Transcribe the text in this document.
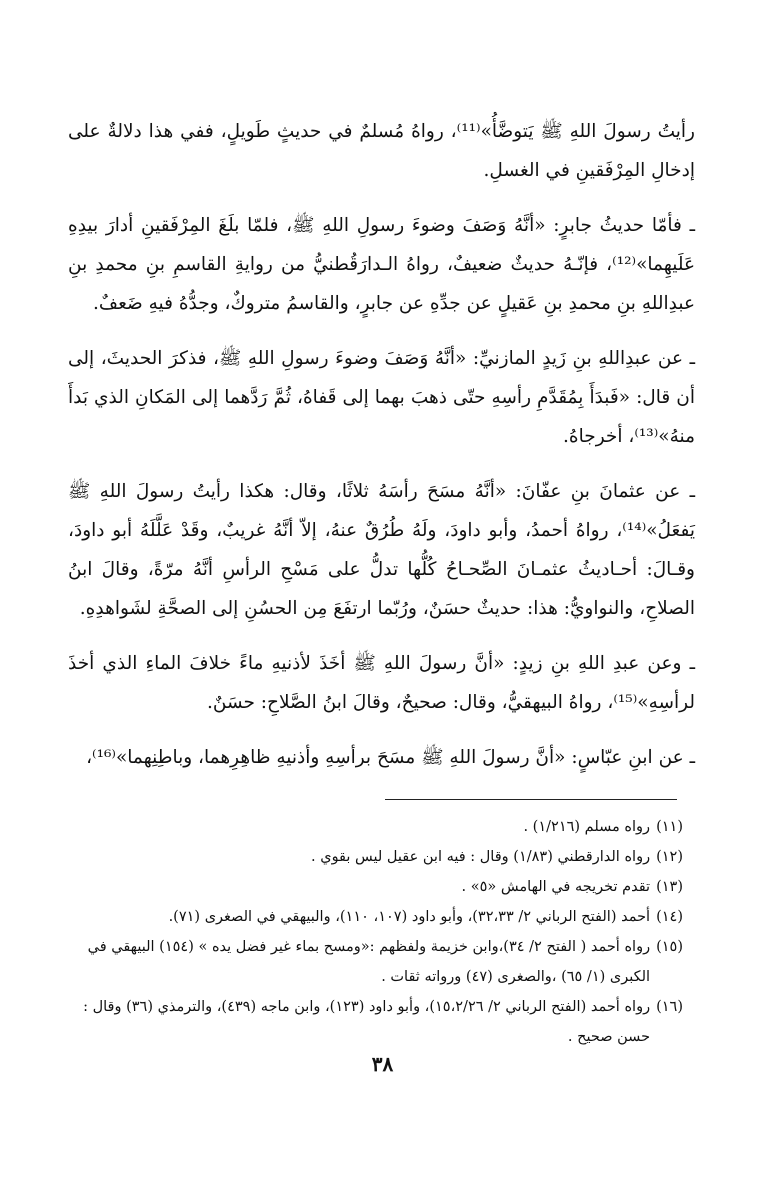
رأيتُ رسولَ اللهِ ﷺ يَتوضَّأُ»⁽¹¹⁾، رواهُ مُسلمٌ في حديثٍ طَويلٍ، ففي هذا دلالةٌ على إدخالِ المِرْفَقينِ في الغسلِ.

ـ فأمّا حديثُ جابرٍ: «أنَّهُ وَصَفَ وضوءَ رسولِ اللهِ ﷺ، فلمّا بلَغَ المِرْفَقينِ أدارَ بيدِهِ عَلَيهِما»⁽¹²⁾، فإنّـهُ حديثٌ ضعيفٌ، رواهُ الـدارَقُطنيُّ من روايةِ القاسمِ بنِ محمدِ بنِ عبدِاللهِ بنِ محمدِ بنِ عَقيلٍ عن جدِّهِ عن جابرٍ، والقاسمُ متروكٌ، وجدُّهُ فيهِ ضَعفٌ.

ـ عن عبدِاللهِ بنِ زَيدٍ المازنيِّ: «أنَّهُ وَصَفَ وضوءَ رسولِ اللهِ ﷺ، فذكرَ الحديثَ، إلى أن قال: «فَبدَأَ بِمُقَدَّمِ رأسِهِ حتّى ذهبَ بهما إلى قَفاهُ، ثُمَّ رَدَّهما إلى المَكانِ الذي بَدأَ منهُ»⁽¹³⁾، أخرجاهُ.

ـ عن عثمانَ بنِ عفّانَ: «أنَّهُ مسَحَ رأسَهُ ثلاثًا، وقال: هكذا رأيتُ رسولَ اللهِ ﷺ يَفعَلُ»⁽¹⁴⁾، رواهُ أحمدُ، وأبو داودَ، ولَهُ طُرُقٌ عنهُ، إلاّ أنَّهُ غريبٌ، وقَدْ عَلَّلَهُ أبو داودَ، وقـالَ: أحـاديثُ عثمـانَ الصِّحـاحُ كُلُّها تدلُّ على مَسْحِ الرأسِ أنَّهُ مرّةً، وقالَ ابنُ الصلاحِ، والنواويُّ: هذا: حديثٌ حسَنٌ، ورُبّما ارتفَعَ مِن الحسُنِ إلى الصحَّةِ لشَواهدِهِ.

ـ وعن عبدِ اللهِ بنِ زيدٍ: «أنَّ رسولَ اللهِ ﷺ أخَذَ لأذنيهِ ماءً خلافَ الماءِ الذي أخذَ لرأسِهِ»⁽¹⁵⁾، رواهُ البيهقيُّ، وقال: صحيحٌ، وقالَ ابنُ الصَّلاحِ: حسَنٌ.

ـ عن ابنِ عبّاسٍ: «أنَّ رسولَ اللهِ ﷺ مسَحَ برأسِهِ وأذنيهِ ظاهِرِهما، وباطِنِهما»⁽¹⁶⁾،

(١١)
رواه مسلم (١/٢١٦) .

(١٢)
رواه الدارقطني (١/٨٣) وقال : فيه ابن عقيل ليس بقوي .

(١٣)
تقدم تخريجه في الهامش «٥» .

(١٤)
أحمد (الفتح الرباني ٢/ ٣٢،٣٣)، وأبو داود (١٠٧، ١١٠)، والبيهقي في الصغرى (٧١).

(١٥)
رواه أحمد ( الفتح ٢/ ٣٤)،وابن خزيمة ولفظهم :«ومسح بماء غير فضل يده » (١٥٤) البيهقي في الكبرى (١/ ٦٥) ،والصغرى (٤٧) ورواته ثقات .

(١٦)
رواه أحمد (الفتح الرباني ٢/ ١٥،٢/٢٦)، وأبو داود (١٢٣)، وابن ماجه (٤٣٩)، والترمذي (٣٦) وقال : حسن صحيح .

٣٨
